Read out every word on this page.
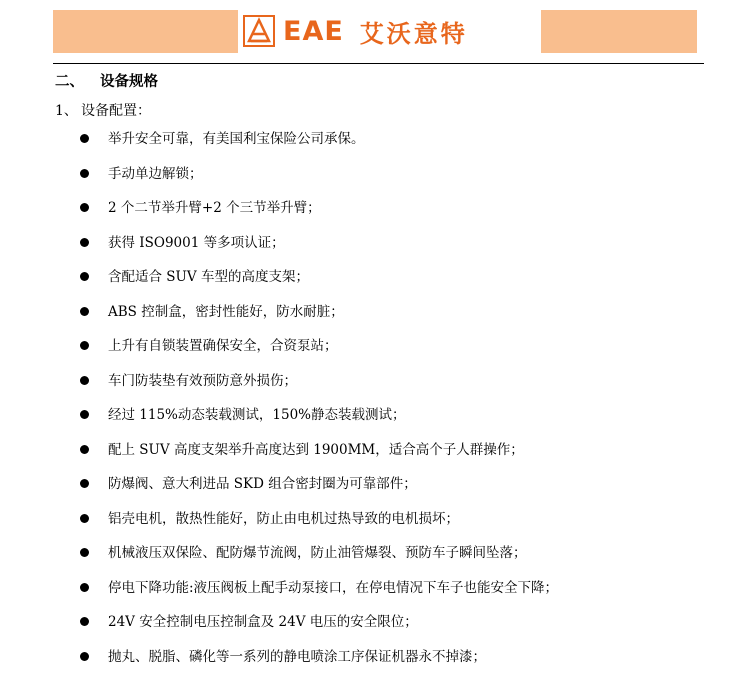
EAE 艾沃意特
二、 设备规格
1、 设备配置：
举升安全可靠，有美国利宝保险公司承保。
手动单边解锁；
2 个二节举升臂+2 个三节举升臂；
获得 ISO9001 等多项认证；
含配适合 SUV 车型的高度支架；
ABS 控制盒，密封性能好，防水耐脏；
上升有自锁装置确保安全，合资泵站；
车门防装垫有效预防意外损伤；
经过 115%动态装载测试，150%静态装载测试；
配上 SUV 高度支架举升高度达到 1900MM，适合高个子人群操作；
防爆阀、意大利进品 SKD 组合密封圈为可靠部件；
铝壳电机，散热性能好，防止由电机过热导致的电机损坏；
机械液压双保险、配防爆节流阀，防止油管爆裂、预防车子瞬间坠落；
停电下降功能:液压阀板上配手动泵接口，在停电情况下车子也能安全下降；
24V 安全控制电压控制盒及 24V 电压的安全限位；
抛丸、脱脂、磷化等一系列的静电喷涂工序保证机器永不掉漆；
